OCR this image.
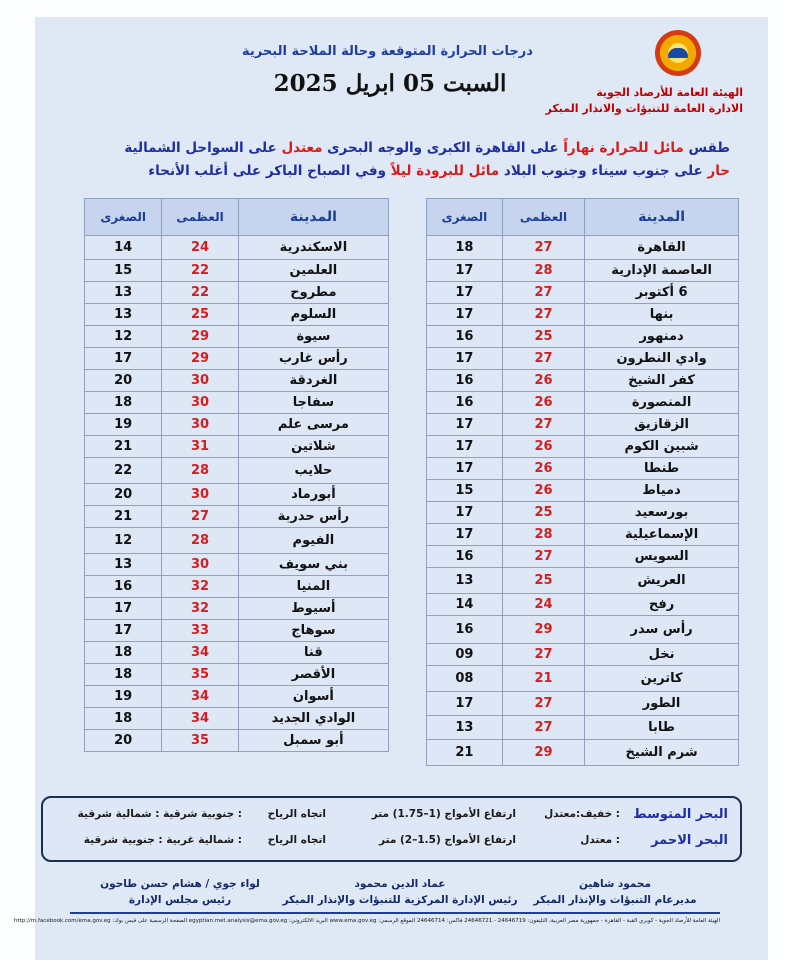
درجات الحرارة المتوقعة وحالة الملاحة البحرية
السبت 05 ابريل 2025	الهيئة العامة للأرصاد الجوية
الادارة العامة للتنبؤات والانذار المبكر
طقس مائل للحرارة نهاراً على القاهرة الكبرى والوجه البحرى معتدل على السواحل الشمالية
حار على جنوب سيناء وجنوب البلاد مائل للبرودة ليلاً وفي الصباح الباكر على أغلب الأنحاء
المدينة	العظمى	الصغرى
القاهرة	27	18
العاصمة الإدارية	28	17
6 أكتوبر	27	17
بنها	27	17
دمنهور	25	16
وادي النطرون	27	17
كفر الشيخ	26	16
المنصورة	26	16
الزقازيق	27	17
شبين الكوم	26	17
طنطا	26	17
دمياط	26	15
بورسعيد	25	17
الإسماعيلية	28	17
السويس	27	16
العريش	25	13
رفح	24	14
رأس سدر	29	16
نخل	27	09
كاترين	21	08
الطور	27	17
طابا	27	13
شرم الشيخ	29	21
المدينة	العظمى	الصغرى
الاسكندرية	24	14
العلمين	22	15
مطروح	22	13
السلوم	25	13
سيوة	29	12
رأس غارب	29	17
الغردقة	30	20
سفاجا	30	18
مرسى علم	30	19
شلاتين	31	21
حلايب	28	22
أبورماد	30	20
رأس حدربة	27	21
الفيوم	28	12
بني سويف	30	13
المنيا	32	16
أسيوط	32	17
سوهاج	33	17
قنا	34	18
الأقصر	35	18
أسوان	34	19
الوادي الجديد	34	18
أبو سمبل	35	20
البحر المتوسط
: خفيف:معتدل
ارتفاع الأمواج (1–1.75) متر
اتجاه الرياح
: جنوبية شرقية : شمالية شرقية
البحر الاحمر
: معتدل
ارتفاع الأمواج (1.5–2) متر
اتجاه الرياح
: شمالية غربية : جنوبية شرقية
محمود شاهين
مديرعام التنبؤات والإنذار المبكر
عماد الدين محمود
رئيس الإدارة المركزية للتنبؤات والإنذار المبكر
لواء جوي / هشام حسن طاحون
رئيس مجلس الإدارة
الهيئة العامة للأرصاد الجوية - كوبري القبة - القاهرة - جمهورية مصر العربية، التليفون: 24646719 - 24646721 فاكس: 24646714 الموقع الرسمي: www.ema.gov.eg البريد الالكتروني: egyptian.met.analysis@ema.gov.eg الصفحة الرسمية على فيس بوك: http://m.facebook.com/ema.gov.eg
